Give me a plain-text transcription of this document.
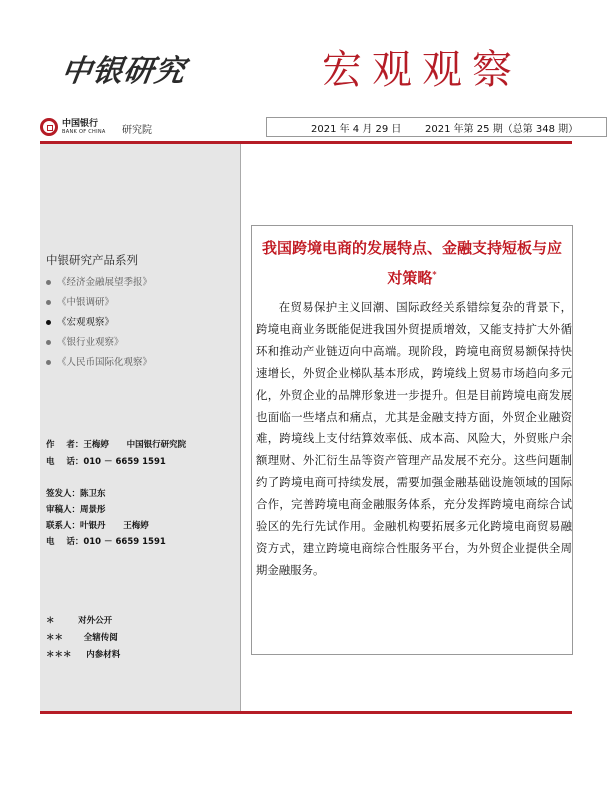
中银研究	宏观观察
中国银行
BANK OF CHINA 研究院	2021 年 4 月 29 日 2021 年第 25 期（总第 348 期）
中银研究产品系列
《经济金融展望季报》
《中银调研》
《宏观观察》
《银行业观察》
《人民币国际化观察》
作    者：王梅婷      中国银行研究院
电    话：010 － 6659 1591
签发人：陈卫东
审稿人：周景彤
联系人：叶银丹      王梅婷
电    话：010 － 6659 1591
＊        对外公开
＊＊       全辖传阅
＊＊＊     内参材料
我国跨境电商的发展特点、金融支持短板与应对策略*
在贸易保护主义回潮、国际政经关系错综复杂的背景下，跨境电商业务既能促进我国外贸提质增效，又能支持扩大外循环和推动产业链迈向中高端。现阶段，跨境电商贸易额保持快速增长，外贸企业梯队基本形成，跨境线上贸易市场趋向多元化，外贸企业的品牌形象进一步提升。但是目前跨境电商发展也面临一些堵点和痛点，尤其是金融支持方面，外贸企业融资难，跨境线上支付结算效率低、成本高、风险大，外贸账户余额理财、外汇衍生品等资产管理产品发展不充分。这些问题制约了跨境电商可持续发展，需要加强金融基础设施领域的国际合作，完善跨境电商金融服务体系，充分发挥跨境电商综合试验区的先行先试作用。金融机构要拓展多元化跨境电商贸易融资方式，建立跨境电商综合性服务平台，为外贸企业提供全周期金融服务。
